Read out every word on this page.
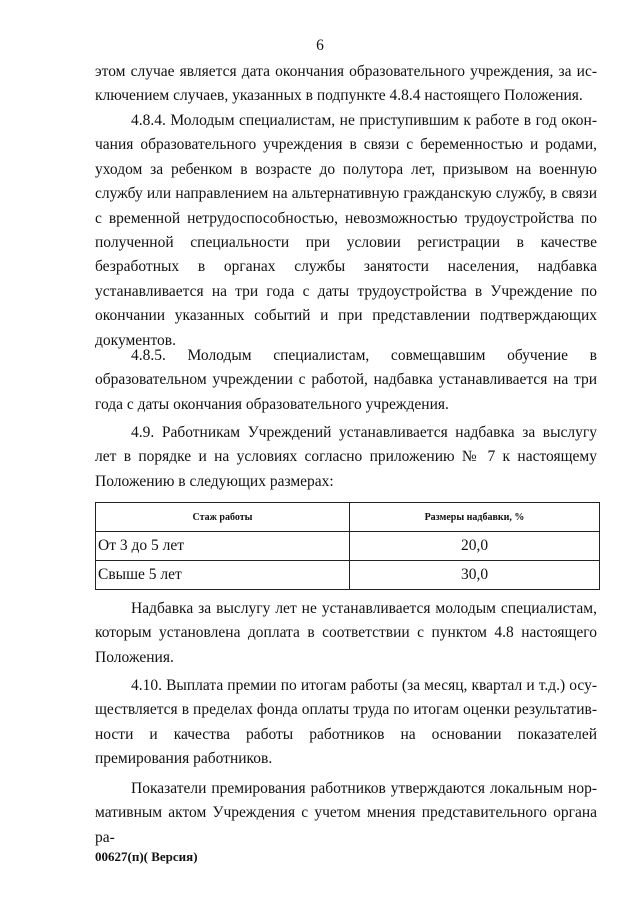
6

этом случае является дата окончания образовательного учреждения, за исключением случаев, указанных в подпункте 4.8.4 настоящего Положения.

4.8.4. Молодым специалистам, не приступившим к работе в год окончания образовательного учреждения в связи с беременностью и родами, уходом за ребенком в возрасте до полутора лет, призывом на военную службу или направлением на альтернативную гражданскую службу, в связи с временной нетрудоспособностью, невозможностью трудоустройства по полученной специальности при условии регистрации в качестве безработных в органах службы занятости населения, надбавка устанавливается на три года с даты трудоустройства в Учреждение по окончании указанных событий и при представлении подтверждающих документов.

4.8.5. Молодым специалистам, совмещавшим обучение в образовательном учреждении с работой, надбавка устанавливается на три года с даты окончания образовательного учреждения.

4.9. Работникам Учреждений устанавливается надбавка за выслугу лет в порядке и на условиях согласно приложению № 7 к настоящему Положению в следующих размерах:

Стаж работы	Размеры надбавки, %
От 3 до 5 лет	20,0
Свыше 5 лет	30,0

Надбавка за выслугу лет не устанавливается молодым специалистам, которым установлена доплата в соответствии с пунктом 4.8 настоящего Положения.

4.10. Выплата премии по итогам работы (за месяц, квартал и т.д.) осуществляется в пределах фонда оплаты труда по итогам оценки результативности и качества работы работников на основании показателей премирования работников.

Показатели премирования работников утверждаются локальным нормативным актом Учреждения с учетом мнения представительного органа ра-

00627(п)( Версия)
